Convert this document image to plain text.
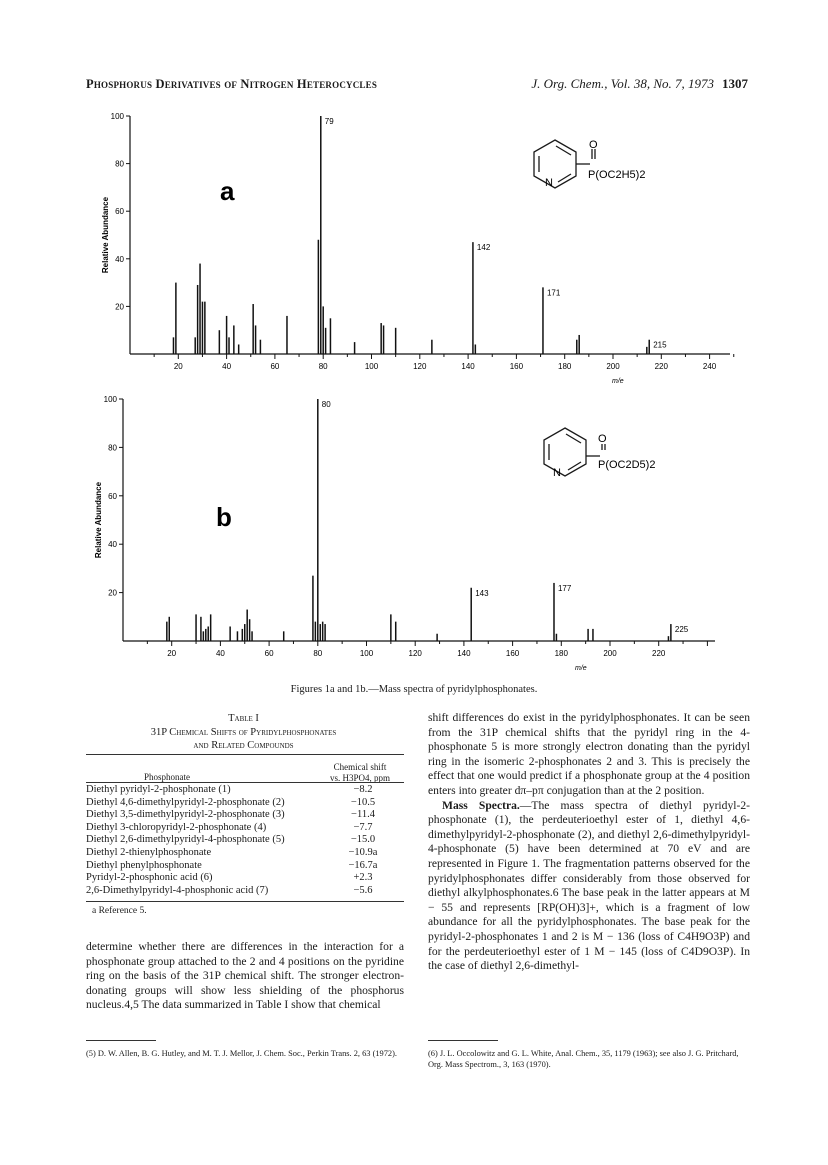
Phosphorus Derivatives of Nitrogen Heterocycles	J. Org. Chem., Vol. 38, No. 7, 1973 1307
20
40
60
80
100
20	40	60	80	100	120	140	160	180	200	220	240
79
142
171
215
m/e
Relative Abundance
20
40
60
80
100
20	40	60	80	100	120	140	160	180	200	220
80
143
177
225
m/e
Relative Abundance
a
b
N
O
P(OC2H5)2
N
O
P(OC2D5)2
Figures 1a and 1b.—Mass spectra of pyridylphosphonates.
Table I
31P Chemical Shifts of Pyridylphosphonates
and Related Compounds
Chemical shift
vs. H3PO4, ppm
Phosphonate
Diethyl pyridyl-2-phosphonate (1)	−8.2
Diethyl 4,6-dimethylpyridyl-2-phosphonate (2)	−10.5
Diethyl 3,5-dimethylpyridyl-2-phosphonate (3)	−11.4
Diethyl 3-chloropyridyl-2-phosphonate (4)	−7.7
Diethyl 2,6-dimethylpyridyl-4-phosphonate (5)	−15.0
Diethyl 2-thienylphosphonate	−10.9a
Diethyl phenylphosphonate	−16.7a
Pyridyl-2-phosphonic acid (6)	+2.3
2,6-Dimethylpyridyl-4-phosphonic acid (7)	−5.6
a Reference 5.
determine whether there are differences in the interaction for a phosphonate group attached to the 2 and 4 positions on the pyridine ring on the basis of the 31P chemical shift. The stronger electron-donating groups will show less shielding of the phosphorus nucleus.4,5 The data summarized in Table I show that chemical
shift differences do exist in the pyridylphosphonates. It can be seen from the 31P chemical shifts that the pyridyl ring in the 4-phosphonate 5 is more strongly electron donating than the pyridyl ring in the isomeric 2-phosphonates 2 and 3. This is precisely the effect that one would predict if a phosphonate group at the 4 position enters into greater dπ–pπ conjugation than at the 2 position.
Mass Spectra.—The mass spectra of diethyl pyridyl-2-phosphonate (1), the perdeuterioethyl ester of 1, diethyl 4,6-dimethylpyridyl-2-phosphonate (2), and diethyl 2,6-dimethylpyridyl-4-phosphonate (5) have been determined at 70 eV and are represented in Figure 1. The fragmentation patterns observed for the pyridylphosphonates differ considerably from those observed for diethyl alkylphosphonates.6 The base peak in the latter appears at M − 55 and represents [RP(OH)3]+, which is a fragment of low abundance for all the pyridylphosphonates. The base peak for the pyridyl-2-phosphonates 1 and 2 is M − 136 (loss of C4H9O3P) and for the perdeuterioethyl ester of 1 M − 145 (loss of C4D9O3P). In the case of diethyl 2,6-dimethyl-
(5) D. W. Allen, B. G. Hutley, and M. T. J. Mellor, J. Chem. Soc., Perkin Trans. 2, 63 (1972).	(6) J. L. Occolowitz and G. L. White, Anal. Chem., 35, 1179 (1963); see also J. G. Pritchard, Org. Mass Spectrom., 3, 163 (1970).
